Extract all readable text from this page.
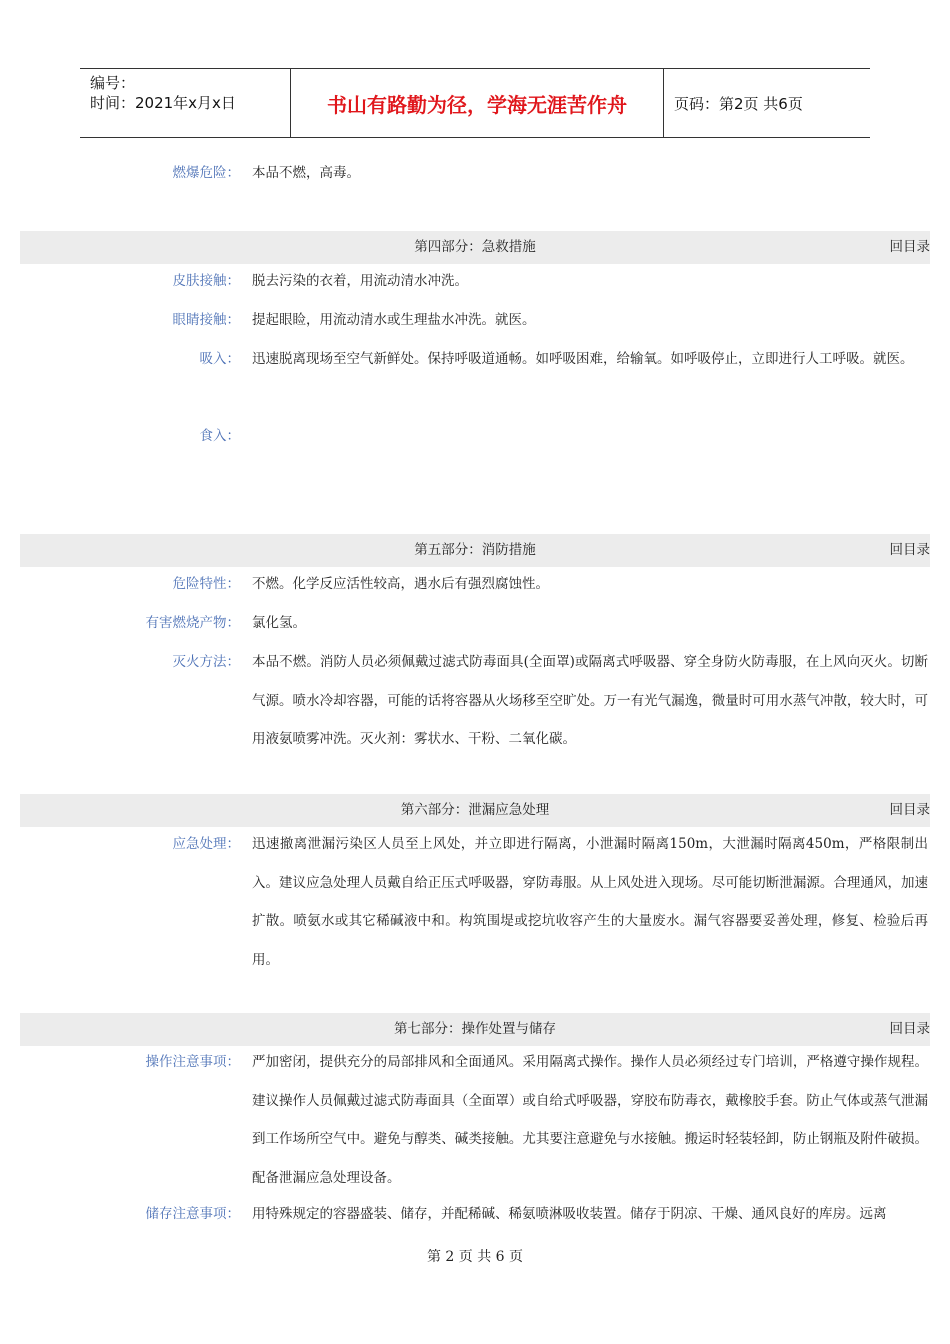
编号：
时间：2021年x月x日	书山有路勤为径，学海无涯苦作舟	页码：第2页 共6页
燃爆危险： 本品不燃，高毒。
第四部分：急救措施	回目录
皮肤接触： 脱去污染的衣着，用流动清水冲洗。
眼睛接触： 提起眼睑，用流动清水或生理盐水冲洗。就医。
吸入： 迅速脱离现场至空气新鲜处。保持呼吸道通畅。如呼吸困难，给输氧。如呼吸停止，立即进行人工呼吸。就医。
食入：
第五部分：消防措施	回目录
危险特性： 不燃。化学反应活性较高，遇水后有强烈腐蚀性。
有害燃烧产物： 氯化氢。
灭火方法： 本品不燃。消防人员必须佩戴过滤式防毒面具(全面罩)或隔离式呼吸器、穿全身防火防毒服，在上风向灭火。切断气源。喷水冷却容器，可能的话将容器从火场移至空旷处。万一有光气漏逸，微量时可用水蒸气冲散，较大时，可用液氨喷雾冲洗。灭火剂：雾状水、干粉、二氧化碳。
第六部分：泄漏应急处理	回目录
应急处理： 迅速撤离泄漏污染区人员至上风处，并立即进行隔离，小泄漏时隔离150m，大泄漏时隔离450m，严格限制出入。建议应急处理人员戴自给正压式呼吸器，穿防毒服。从上风处进入现场。尽可能切断泄漏源。合理通风，加速扩散。喷氨水或其它稀碱液中和。构筑围堤或挖坑收容产生的大量废水。漏气容器要妥善处理，修复、检验后再用。
第七部分：操作处置与储存	回目录
操作注意事项： 严加密闭，提供充分的局部排风和全面通风。采用隔离式操作。操作人员必须经过专门培训，严格遵守操作规程。建议操作人员佩戴过滤式防毒面具（全面罩）或自给式呼吸器，穿胶布防毒衣，戴橡胶手套。防止气体或蒸气泄漏到工作场所空气中。避免与醇类、碱类接触。尤其要注意避免与水接触。搬运时轻装轻卸，防止钢瓶及附件破损。配备泄漏应急处理设备。
储存注意事项： 用特殊规定的容器盛装、储存，并配稀碱、稀氨喷淋吸收装置。储存于阴凉、干燥、通风良好的库房。远离
第 2 页 共 6 页
